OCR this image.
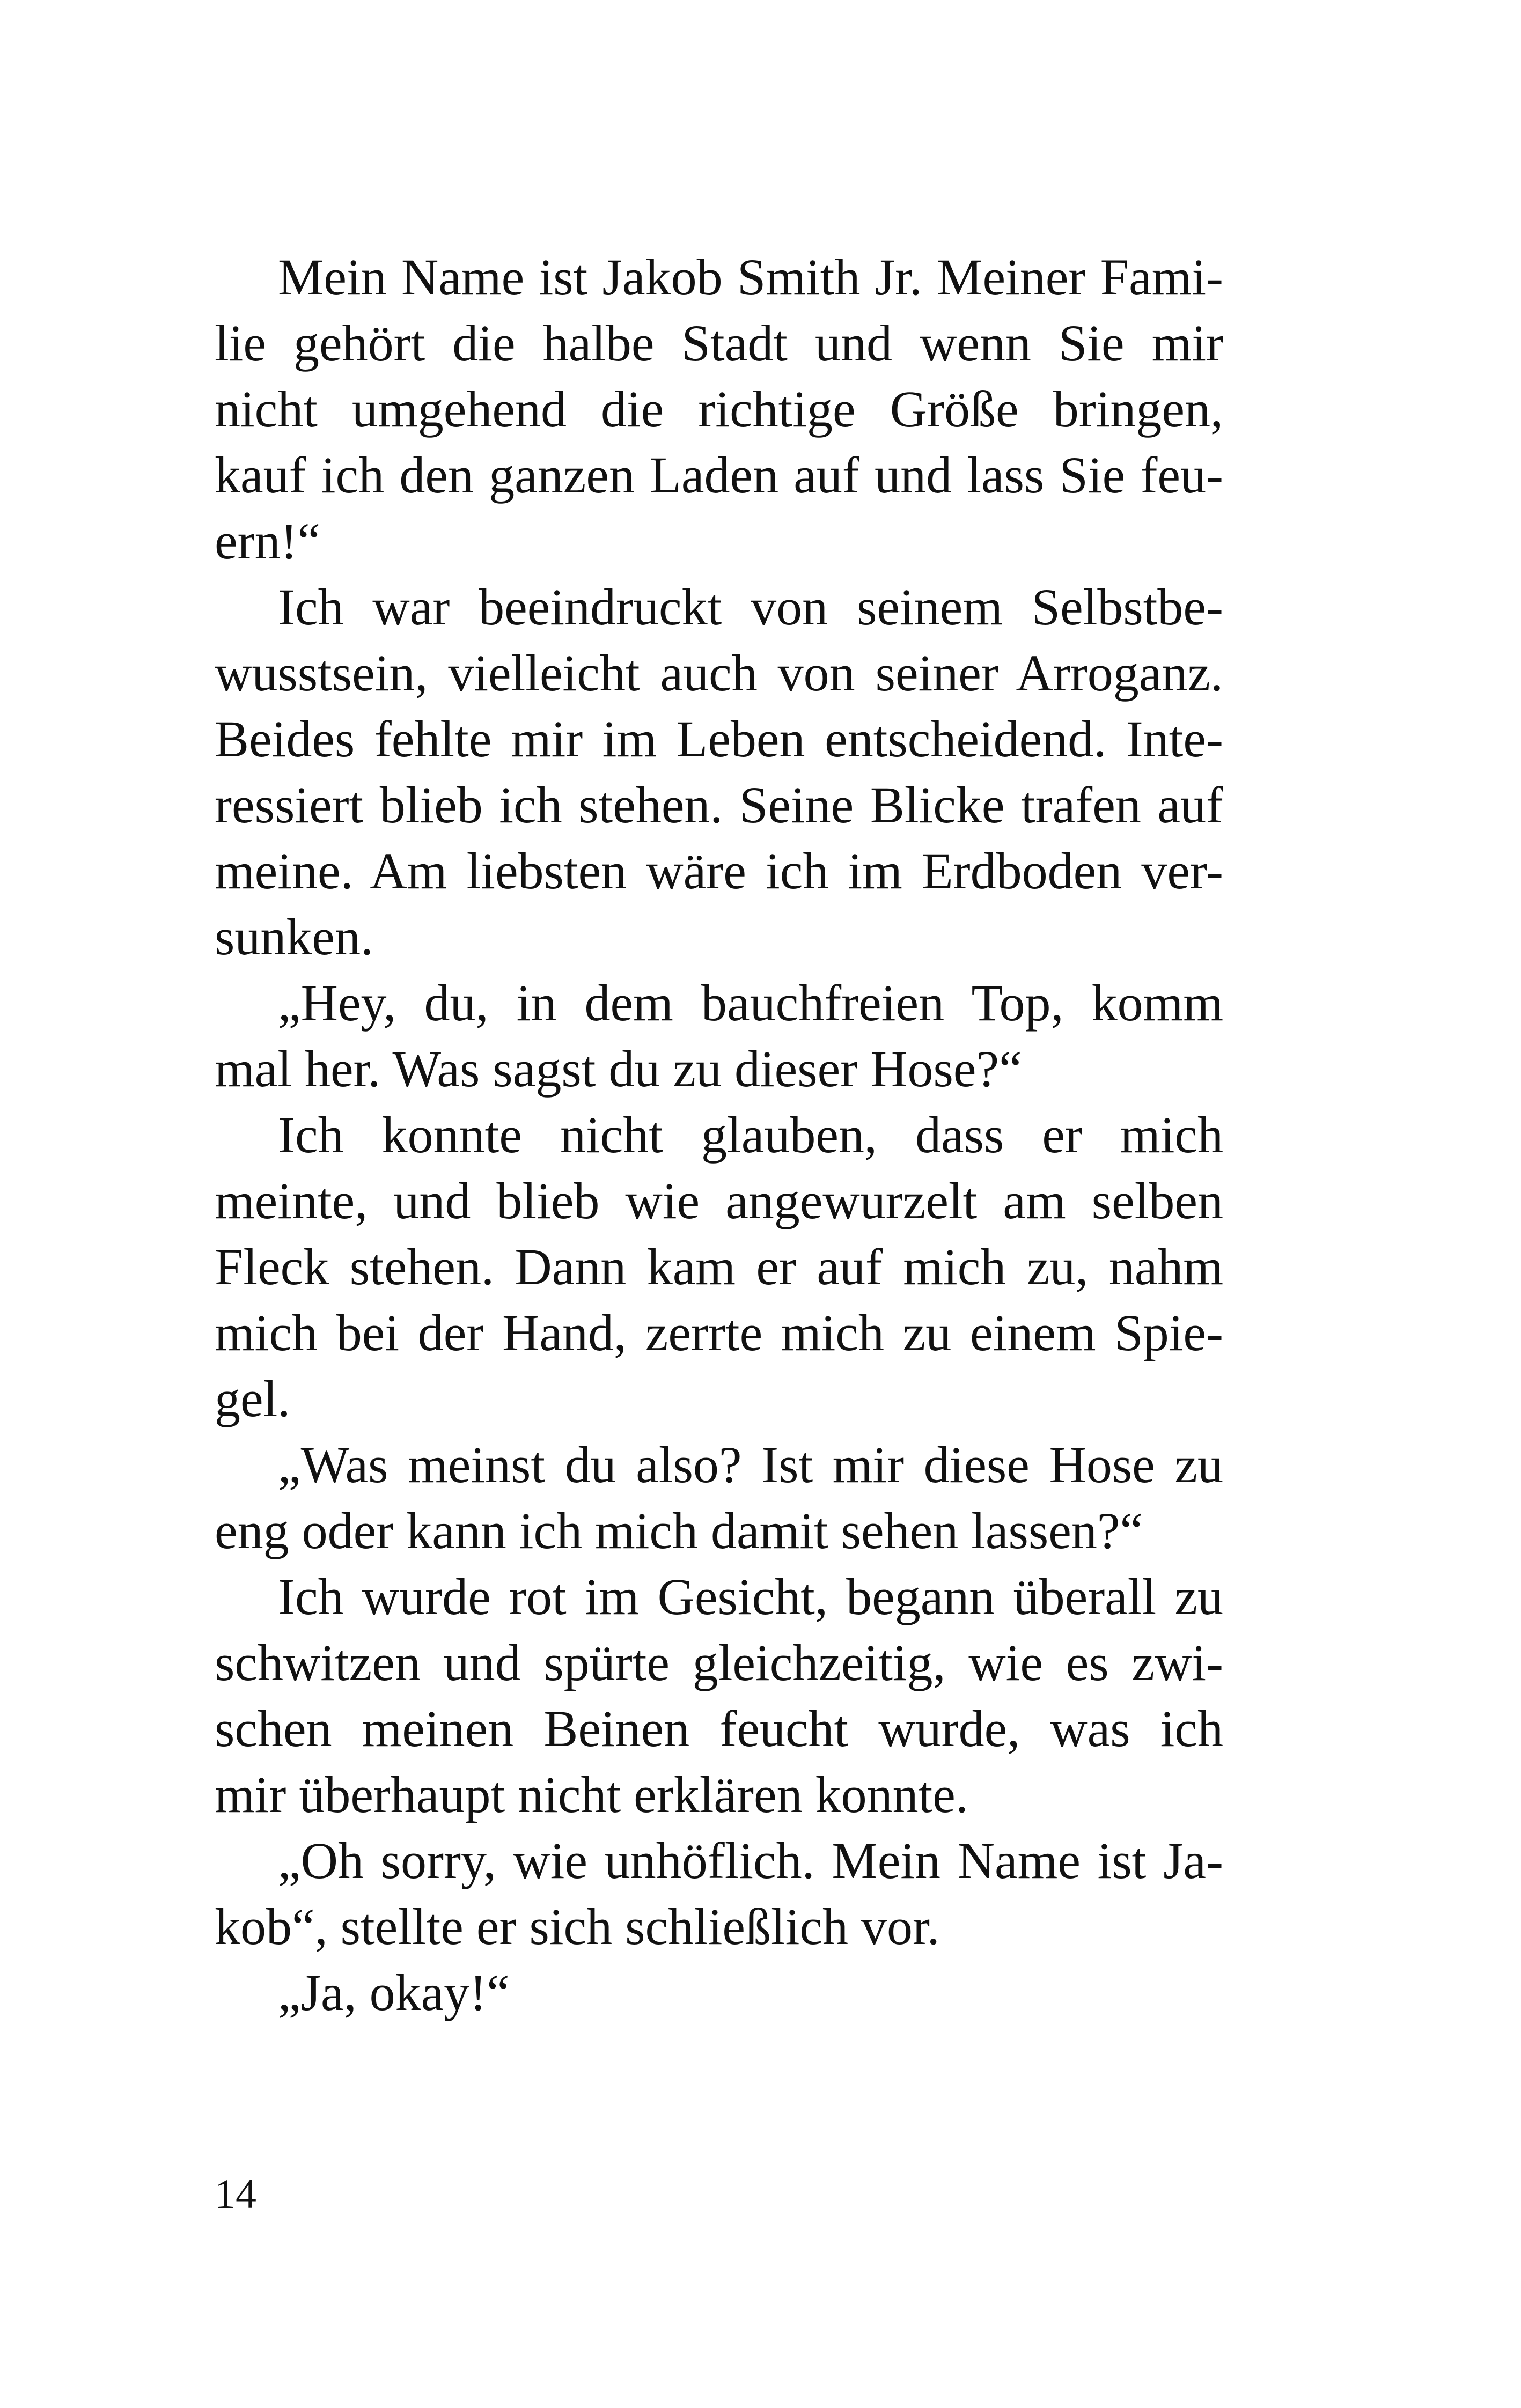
Mein Name ist Jakob Smith Jr. Meiner Fami-
lie gehört die halbe Stadt und wenn Sie mir
nicht umgehend die richtige Größe bringen,
kauf ich den ganzen Laden auf und lass Sie feu-
ern!“
Ich war beeindruckt von seinem Selbstbe-
wusstsein, vielleicht auch von seiner Arroganz.
Beides fehlte mir im Leben entscheidend. Inte-
ressiert blieb ich stehen. Seine Blicke trafen auf
meine. Am liebsten wäre ich im Erdboden ver-
sunken.
„Hey, du, in dem bauchfreien Top, komm
mal her. Was sagst du zu dieser Hose?“
Ich konnte nicht glauben, dass er mich
meinte, und blieb wie angewurzelt am selben
Fleck stehen. Dann kam er auf mich zu, nahm
mich bei der Hand, zerrte mich zu einem Spie-
gel.
„Was meinst du also? Ist mir diese Hose zu
eng oder kann ich mich damit sehen lassen?“
Ich wurde rot im Gesicht, begann überall zu
schwitzen und spürte gleichzeitig, wie es zwi-
schen meinen Beinen feucht wurde, was ich
mir überhaupt nicht erklären konnte.
„Oh sorry, wie unhöflich. Mein Name ist Ja-
kob“, stellte er sich schließlich vor.
„Ja, okay!“
14
